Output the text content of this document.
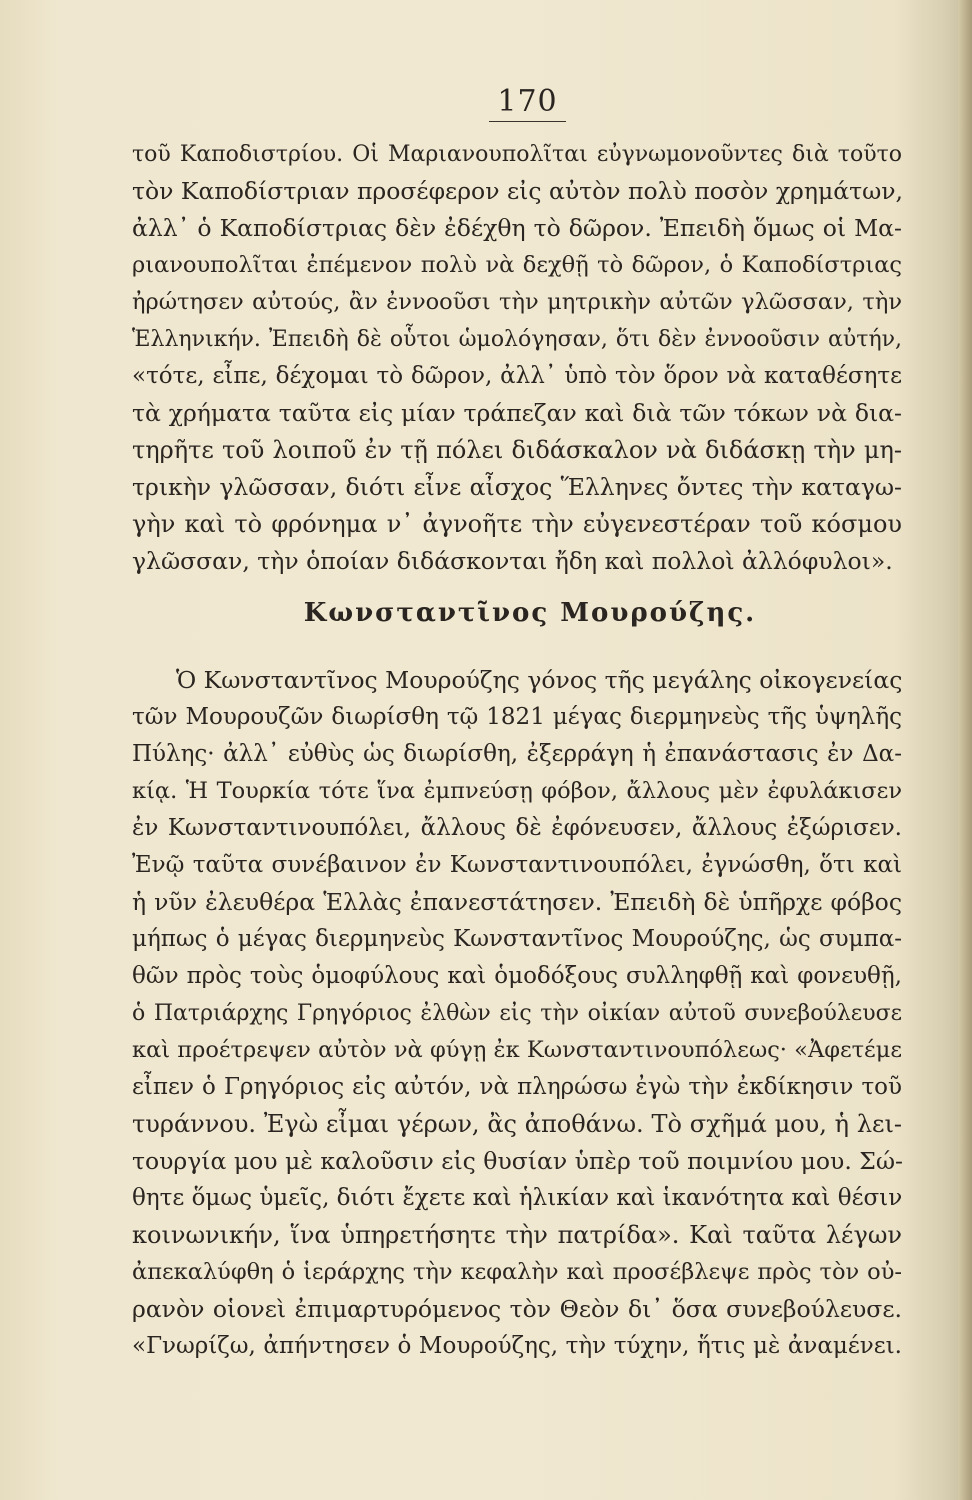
170
τοῦ Καποδιστρίου. Οἱ Μαριανουπολῖται εὐγνωμονοῦντες διὰ τοῦτο
τὸν Καποδίστριαν προσέφερον εἰς αὐτὸν πολὺ ποσὸν χρημάτων,
ἀλλ᾽ ὁ Καποδίστριας δὲν ἐδέχθη τὸ δῶρον. Ἐπειδὴ ὅμως οἱ Μα-
ριανουπολῖται ἐπέμενον πολὺ νὰ δεχθῇ τὸ δῶρον, ὁ Καποδίστριας
ἠρώτησεν αὐτούς, ἂν ἐννοοῦσι τὴν μητρικὴν αὐτῶν γλῶσσαν, τὴν
Ἑλληνικήν. Ἐπειδὴ δὲ οὗτοι ὡμολόγησαν, ὅτι δὲν ἐννοοῦσιν αὐτήν,
«τότε, εἶπε, δέχομαι τὸ δῶρον, ἀλλ᾽ ὑπὸ τὸν ὅρον νὰ καταθέσητε
τὰ χρήματα ταῦτα εἰς μίαν τράπεζαν καὶ διὰ τῶν τόκων νὰ δια-
τηρῆτε τοῦ λοιποῦ ἐν τῇ πόλει διδάσκαλον νὰ διδάσκῃ τὴν μη-
τρικὴν γλῶσσαν, διότι εἶνε αἶσχος Ἕλληνες ὄντες τὴν καταγω-
γὴν καὶ τὸ φρόνημα ν᾽ ἀγνοῆτε τὴν εὐγενεστέραν τοῦ κόσμου
γλῶσσαν, τὴν ὁποίαν διδάσκονται ἤδη καὶ πολλοὶ ἀλλόφυλοι».
Κωνσταντῖνος Μουρούζης.
Ὁ Κωνσταντῖνος Μουρούζης γόνος τῆς μεγάλης οἰκογενείας
τῶν Μουρουζῶν διωρίσθη τῷ 1821 μέγας διερμηνεὺς τῆς ὑψηλῆς
Πύλης· ἀλλ᾽ εὐθὺς ὡς διωρίσθη, ἐξερράγη ἡ ἐπανάστασις ἐν Δα-
κίᾳ. Ἡ Τουρκία τότε ἵνα ἐμπνεύσῃ φόβον, ἄλλους μὲν ἐφυλάκισεν
ἐν Κωνσταντινουπόλει, ἄλλους δὲ ἐφόνευσεν, ἄλλους ἐξώρισεν.
Ἐνῷ ταῦτα συνέβαινον ἐν Κωνσταντινουπόλει, ἐγνώσθη, ὅτι καὶ
ἡ νῦν ἐλευθέρα Ἑλλὰς ἐπανεστάτησεν. Ἐπειδὴ δὲ ὑπῆρχε φόβος
μήπως ὁ μέγας διερμηνεὺς Κωνσταντῖνος Μουρούζης, ὡς συμπα-
θῶν πρὸς τοὺς ὁμοφύλους καὶ ὁμοδόξους συλληφθῇ καὶ φονευθῇ,
ὁ Πατριάρχης Γρηγόριος ἐλθὼν εἰς τὴν οἰκίαν αὐτοῦ συνεβούλευσε
καὶ προέτρεψεν αὐτὸν νὰ φύγῃ ἐκ Κωνσταντινουπόλεως· «Ἀφετέμε
εἶπεν ὁ Γρηγόριος εἰς αὐτόν, νὰ πληρώσω ἐγὼ τὴν ἐκδίκησιν τοῦ
τυράννου. Ἐγὼ εἶμαι γέρων, ἂς ἀποθάνω. Τὸ σχῆμά μου, ἡ λει-
τουργία μου μὲ καλοῦσιν εἰς θυσίαν ὑπὲρ τοῦ ποιμνίου μου. Σώ-
θητε ὅμως ὑμεῖς, διότι ἔχετε καὶ ἡλικίαν καὶ ἱκανότητα καὶ θέσιν
κοινωνικήν, ἵνα ὑπηρετήσητε τὴν πατρίδα». Καὶ ταῦτα λέγων
ἀπεκαλύφθη ὁ ἱεράρχης τὴν κεφαλὴν καὶ προσέβλεψε πρὸς τὸν οὐ-
ρανὸν οἱονεὶ ἐπιμαρτυρόμενος τὸν Θεὸν δι᾽ ὅσα συνεβούλευσε.
«Γνωρίζω, ἀπήντησεν ὁ Μουρούζης, τὴν τύχην, ἥτις μὲ ἀναμένει.
